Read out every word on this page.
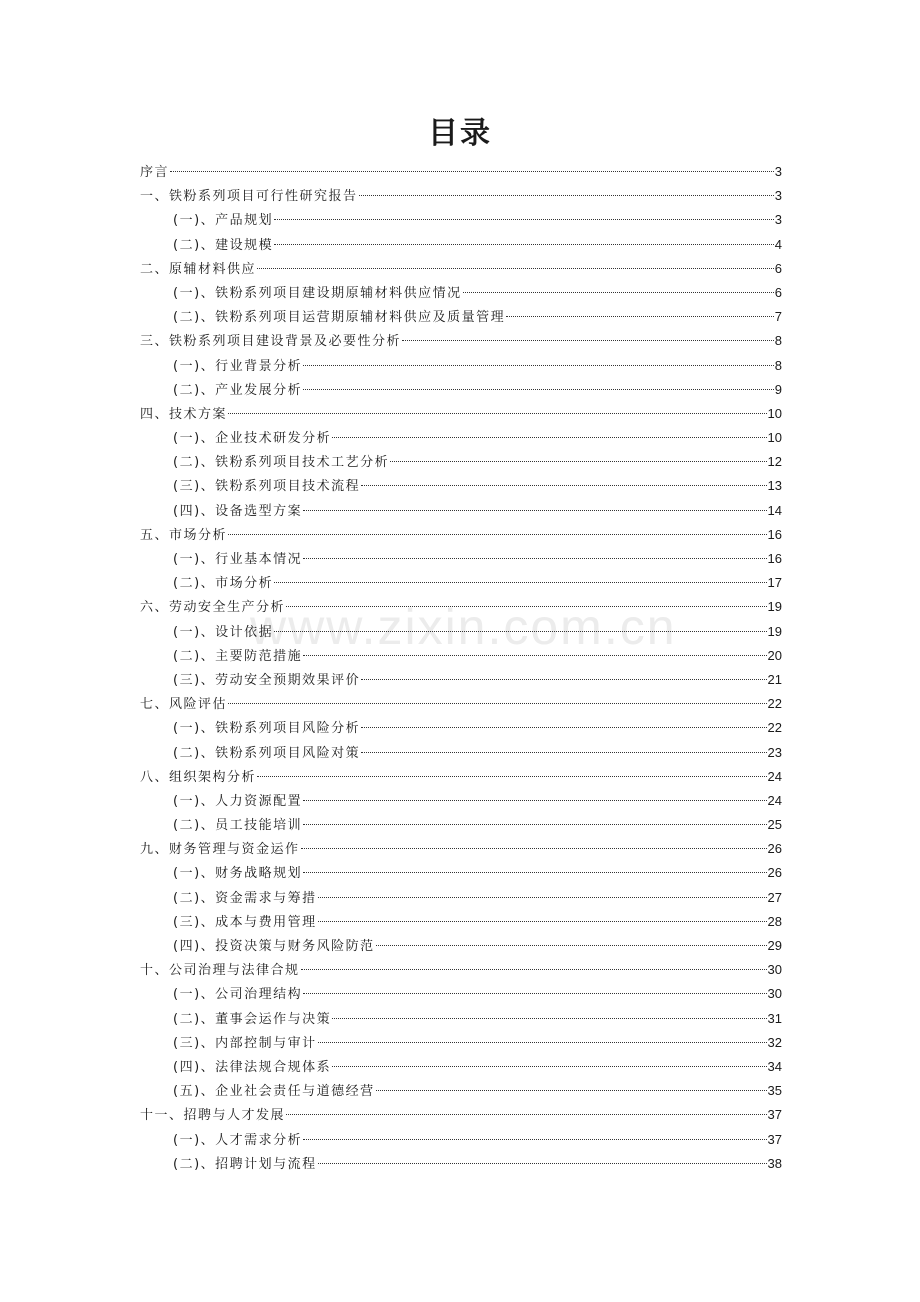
www.zixin.com.cn
目录
序言	3
一、铁粉系列项目可行性研究报告	3
(一)、产品规划	3
(二)、建设规模	4
二、原辅材料供应	6
(一)、铁粉系列项目建设期原辅材料供应情况	6
(二)、铁粉系列项目运营期原辅材料供应及质量管理	7
三、铁粉系列项目建设背景及必要性分析	8
(一)、行业背景分析	8
(二)、产业发展分析	9
四、技术方案	10
(一)、企业技术研发分析	10
(二)、铁粉系列项目技术工艺分析	12
(三)、铁粉系列项目技术流程	13
(四)、设备选型方案	14
五、市场分析	16
(一)、行业基本情况	16
(二)、市场分析	17
六、劳动安全生产分析	19
(一)、设计依据	19
(二)、主要防范措施	20
(三)、劳动安全预期效果评价	21
七、风险评估	22
(一)、铁粉系列项目风险分析	22
(二)、铁粉系列项目风险对策	23
八、组织架构分析	24
(一)、人力资源配置	24
(二)、员工技能培训	25
九、财务管理与资金运作	26
(一)、财务战略规划	26
(二)、资金需求与筹措	27
(三)、成本与费用管理	28
(四)、投资决策与财务风险防范	29
十、公司治理与法律合规	30
(一)、公司治理结构	30
(二)、董事会运作与决策	31
(三)、内部控制与审计	32
(四)、法律法规合规体系	34
(五)、企业社会责任与道德经营	35
十一、招聘与人才发展	37
(一)、人才需求分析	37
(二)、招聘计划与流程	38
